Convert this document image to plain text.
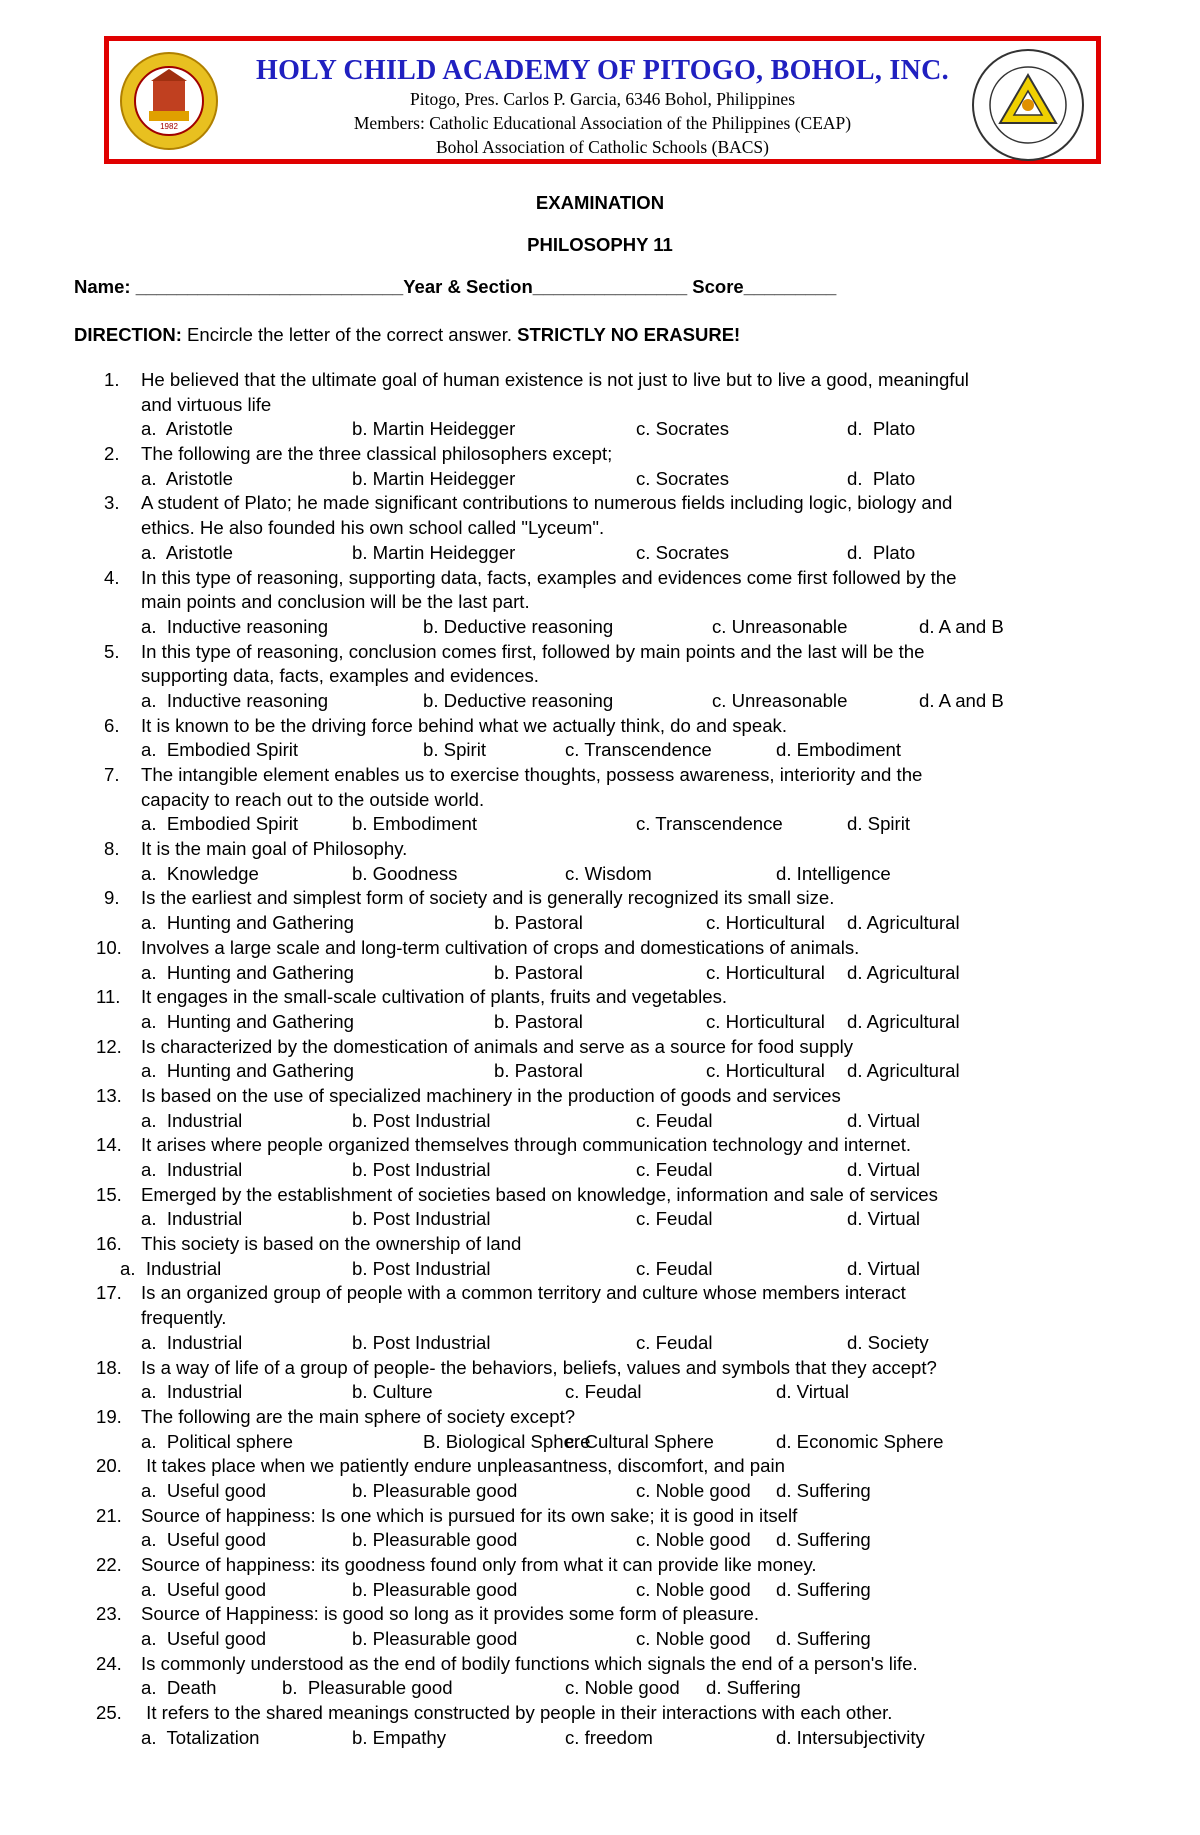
1982
HOLY CHILD ACADEMY OF PITOGO, BOHOL, INC.
Pitogo, Pres. Carlos P. Garcia, 6346 Bohol, Philippines
Members: Catholic Educational Association of the Philippines (CEAP)
Bohol Association of Catholic Schools (BACS)
EXAMINATION
PHILOSOPHY 11
Name: __________________________Year & Section_______________ Score_________
DIRECTION: Encircle the letter of the correct answer. STRICTLY NO ERASURE!
1.	He believed that the ultimate goal of human existence is not just to live but to live a good, meaningful
and virtuous life
a.  Aristotle	b. Martin Heidegger	c. Socrates	d.  Plato
2.	The following are the three classical philosophers except;
a.  Aristotle	b. Martin Heidegger	c. Socrates	d.  Plato
3.	A student of Plato; he made significant contributions to numerous fields including logic, biology and
ethics. He also founded his own school called "Lyceum".
a.  Aristotle	b. Martin Heidegger	c. Socrates	d.  Plato
4.	In this type of reasoning, supporting data, facts, examples and evidences come first followed by the
main points and conclusion will be the last part.
a.  Inductive reasoning	b. Deductive reasoning	c. Unreasonable	d. A and B
5.	In this type of reasoning, conclusion comes first, followed by main points and the last will be the
supporting data, facts, examples and evidences.
a.  Inductive reasoning	b. Deductive reasoning	c. Unreasonable	d. A and B
6.	It is known to be the driving force behind what we actually think, do and speak.
a.  Embodied Spirit	b. Spirit	c. Transcendence	d. Embodiment
7.	The intangible element enables us to exercise thoughts, possess awareness, interiority and the
capacity to reach out to the outside world.
a.  Embodied Spirit	b. Embodiment	c. Transcendence	d. Spirit
8.	It is the main goal of Philosophy.
a.  Knowledge	b. Goodness	c. Wisdom	d. Intelligence
9.	Is the earliest and simplest form of society and is generally recognized its small size.
a.  Hunting and Gathering	b. Pastoral	c. Horticultural d. Agricultural
10.	Involves a large scale and long-term cultivation of crops and domestications of animals.
a.  Hunting and Gathering	b. Pastoral	c. Horticultural d. Agricultural
11.	It engages in the small-scale cultivation of plants, fruits and vegetables.
a.  Hunting and Gathering	b. Pastoral	c. Horticultural d. Agricultural
12.	Is characterized by the domestication of animals and serve as a source for food supply
a.  Hunting and Gathering	b. Pastoral	c. Horticultural d. Agricultural
13.	Is based on the use of specialized machinery in the production of goods and services
a.  Industrial	b. Post Industrial	c. Feudal	d. Virtual
14.	It arises where people organized themselves through communication technology and internet.
a.  Industrial	b. Post Industrial	c. Feudal	d. Virtual
15.	Emerged by the establishment of societies based on knowledge, information and sale of services
a.  Industrial	b. Post Industrial	c. Feudal	d. Virtual
16.	This society is based on the ownership of land
a.  Industrial	b. Post Industrial	c. Feudal	d. Virtual
17.	Is an organized group of people with a common territory and culture whose members interact
frequently.
a.  Industrial	b. Post Industrial	c. Feudal	d. Society
18.	Is a way of life of a group of people- the behaviors, beliefs, values and symbols that they accept?
a.  Industrial	b. Culture	c. Feudal	d. Virtual
19.	The following are the main sphere of society except?
a.  Political sphere	B. Biological Sphere
c. Cultural Sphere	d. Economic Sphere
20.	It takes place when we patiently endure unpleasantness, discomfort, and pain
a.  Useful good	b. Pleasurable good	c. Noble good d. Suffering
21.	Source of happiness: Is one which is pursued for its own sake; it is good in itself
a.  Useful good	b. Pleasurable good	c. Noble good d. Suffering
22.	Source of happiness: its goodness found only from what it can provide like money.
a.  Useful good	b. Pleasurable good	c. Noble good d. Suffering
23.	Source of Happiness: is good so long as it provides some form of pleasure.
a.  Useful good	b. Pleasurable good	c. Noble good d. Suffering
24.	Is commonly understood as the end of bodily functions which signals the end of a person's life.
a.  Death	b.  Pleasurable good	c. Noble good d. Suffering
25.	It refers to the shared meanings constructed by people in their interactions with each other.
a.  Totalization	b. Empathy	c. freedom	d. Intersubjectivity
